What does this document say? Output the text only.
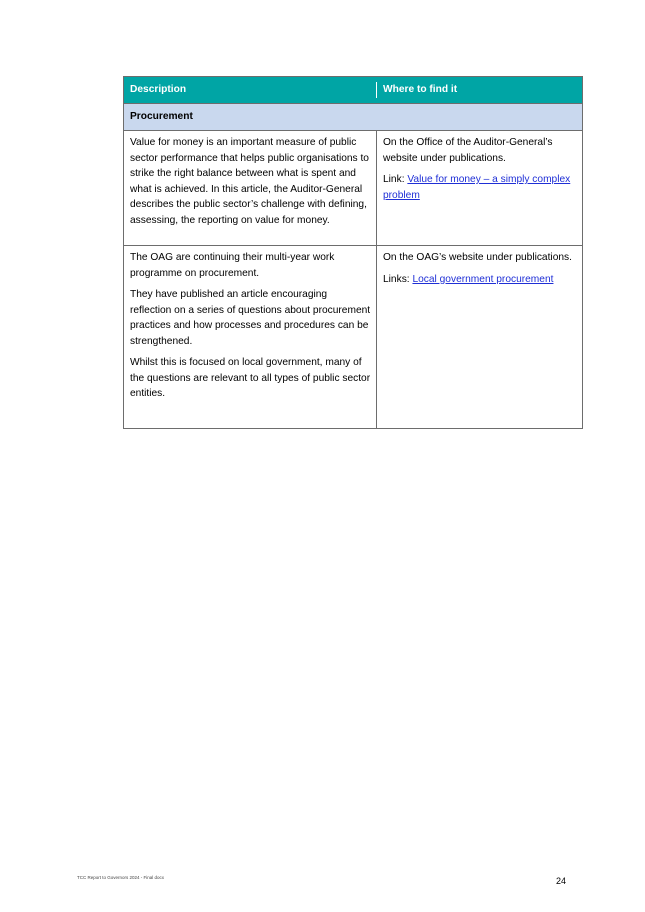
Description	Where to find it
Procurement

Value for money is an important measure of public sector performance that helps public organisations to strike the right balance between what is spent and what is achieved. In this article, the Auditor-General describes the public sector’s challenge with defining, assessing, the reporting on value for money.

On the Office of the Auditor-General’s website under publications.

Link: Value for money – a simply complex problem

The OAG are continuing their multi-year work programme on procurement.

They have published an article encouraging reflection on a series of questions about procurement practices and how processes and procedures can be strengthened.

Whilst this is focused on local government, many of the questions are relevant to all types of public sector entities.

On the OAG’s website under publications.

Links: Local government procurement

TCC Report to Governors 2024 - Final docx	24
